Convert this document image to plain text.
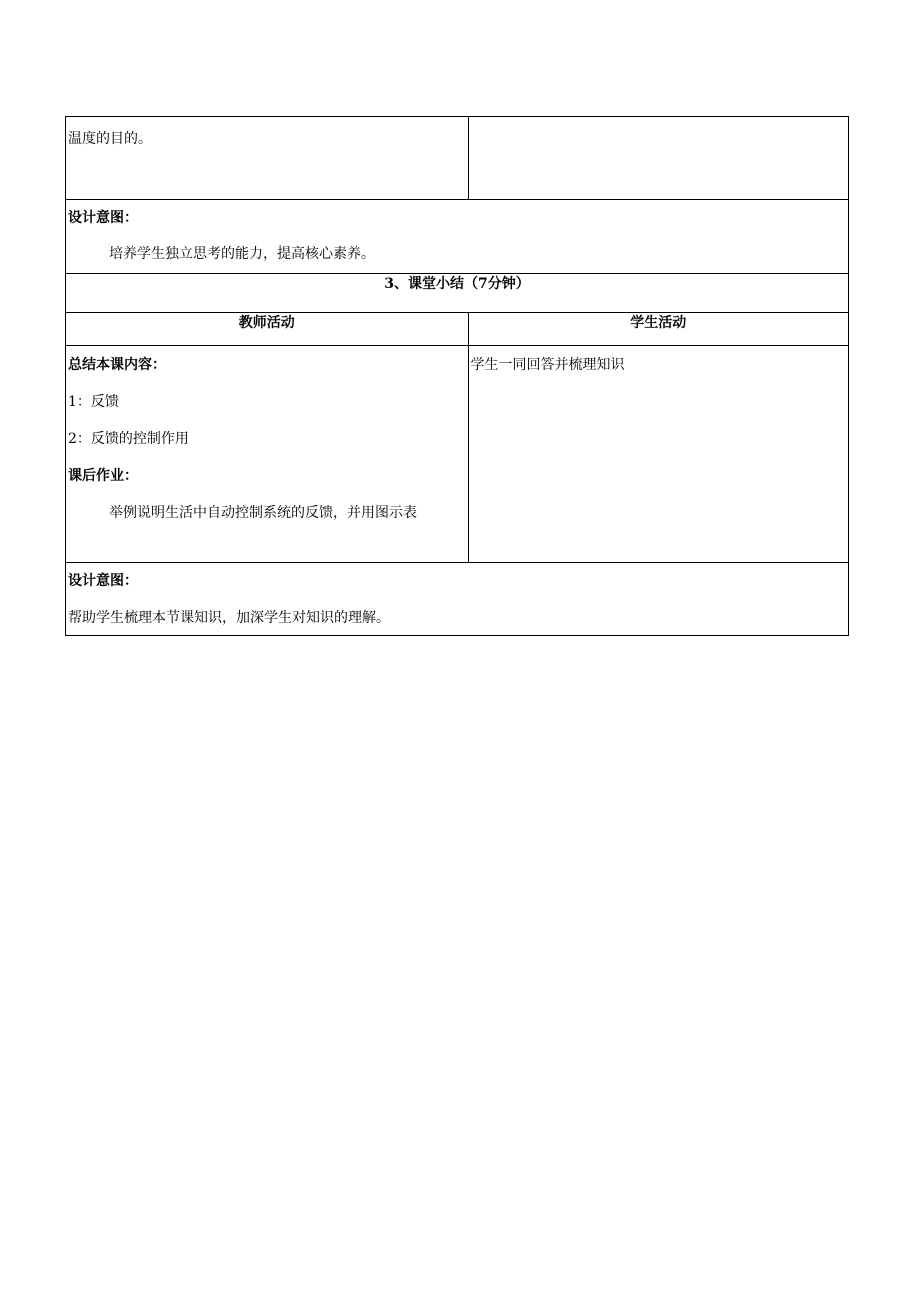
温度的目的。	

设计意图：
培养学生独立思考的能力，提高核心素养。	

3、课堂小结（7分钟）	
教师活动	学生活动

总结本课内容：
1：反馈
2：反馈的控制作用
课后作业：
举例说明生活中自动控制系统的反馈，并用图示表	学生一同回答并梳理知识

设计意图：
帮助学生梳理本节课知识，加深学生对知识的理解。	
